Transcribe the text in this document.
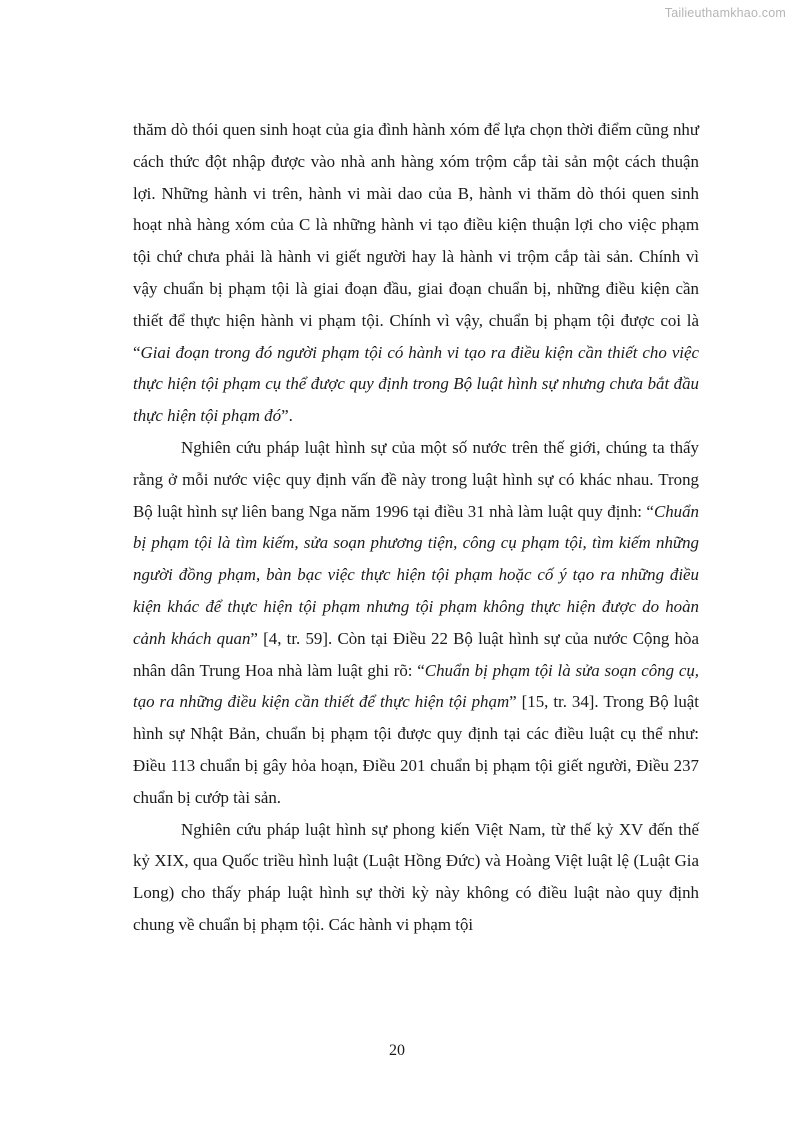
Tailieuthamkhao.com

thăm dò thói quen sinh hoạt của gia đình hành xóm để lựa chọn thời điểm cũng như cách thức đột nhập được vào nhà anh hàng xóm trộm cắp tài sản một cách thuận lợi. Những hành vi trên, hành vi mài dao của B, hành vi thăm dò thói quen sinh hoạt nhà hàng xóm của C là những hành vi tạo điều kiện thuận lợi cho việc phạm tội chứ chưa phải là hành vi giết người hay là hành vi trộm cắp tài sản. Chính vì vậy chuẩn bị phạm tội là giai đoạn đầu, giai đoạn chuẩn bị, những điều kiện cần thiết để thực hiện hành vi phạm tội. Chính vì vậy, chuẩn bị phạm tội được coi là “Giai đoạn trong đó người phạm tội có hành vi tạo ra điều kiện cần thiết cho việc thực hiện tội phạm cụ thể được quy định trong Bộ luật hình sự nhưng chưa bắt đầu thực hiện tội phạm đó”.

Nghiên cứu pháp luật hình sự của một số nước trên thế giới, chúng ta thấy rằng ở mỗi nước việc quy định vấn đề này trong luật hình sự có khác nhau. Trong Bộ luật hình sự liên bang Nga năm 1996 tại điều 31 nhà làm luật quy định: “Chuẩn bị phạm tội là tìm kiếm, sửa soạn phương tiện, công cụ phạm tội, tìm kiếm những người đồng phạm, bàn bạc việc thực hiện tội phạm hoặc cố ý tạo ra những điều kiện khác để thực hiện tội phạm nhưng tội phạm không thực hiện được do hoàn cảnh khách quan” [4, tr. 59]. Còn tại Điều 22 Bộ luật hình sự của nước Cộng hòa nhân dân Trung Hoa nhà làm luật ghi rõ: “Chuẩn bị phạm tội là sửa soạn công cụ, tạo ra những điều kiện cần thiết để thực hiện tội phạm” [15, tr. 34]. Trong Bộ luật hình sự Nhật Bản, chuẩn bị phạm tội được quy định tại các điều luật cụ thể như: Điều 113 chuẩn bị gây hỏa hoạn, Điều 201 chuẩn bị phạm tội giết người, Điều 237 chuẩn bị cướp tài sản.

Nghiên cứu pháp luật hình sự phong kiến Việt Nam, từ thế kỷ XV đến thế kỷ XIX, qua Quốc triều hình luật (Luật Hồng Đức) và Hoàng Việt luật lệ (Luật Gia Long) cho thấy pháp luật hình sự thời kỳ này không có điều luật nào quy định chung về chuẩn bị phạm tội. Các hành vi phạm tội

20
